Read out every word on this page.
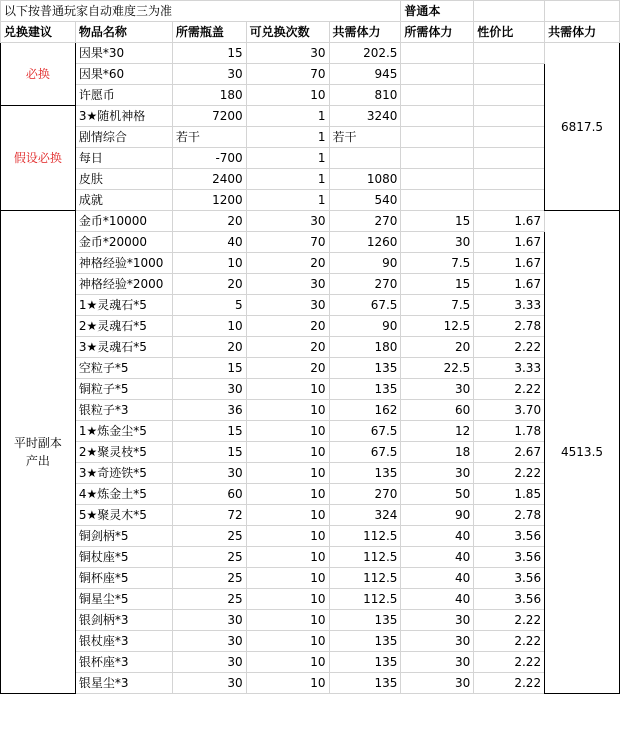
以下按普通玩家自动难度三为准					普通本		
兑换建议	物品名称	所需瓶盖	可兑换次数	共需体力	所需体力	性价比	共需体力
必换	因果*30	15	30	202.5			6817.5
	因果*60	30	70	945			
	许愿币	180	10	810			
假设必换	3★随机神格	7200	1	3240			
	剧情综合	若干	1	若干			
	每日	-700	1				
	皮肤	2400	1	1080			
	成就	1200	1	540			
平时副本
产出	金币*10000	20	30	270	15	1.67	4513.5
	金币*20000	40	70	1260	30	1.67	
	神格经验*1000	10	20	90	7.5	1.67	
	神格经验*2000	20	30	270	15	1.67	
	1★灵魂石*5	5	30	67.5	7.5	3.33	
	2★灵魂石*5	10	20	90	12.5	2.78	
	3★灵魂石*5	20	20	180	20	2.22	
	空粒子*5	15	20	135	22.5	3.33	
	铜粒子*5	30	10	135	30	2.22	
	银粒子*3	36	10	162	60	3.70	
	1★炼金尘*5	15	10	67.5	12	1.78	
	2★聚灵枝*5	15	10	67.5	18	2.67	
	3★奇迹铁*5	30	10	135	30	2.22	
	4★炼金土*5	60	10	270	50	1.85	
	5★聚灵木*5	72	10	324	90	2.78	
	铜剑柄*5	25	10	112.5	40	3.56	
	铜杖座*5	25	10	112.5	40	3.56	
	铜杯座*5	25	10	112.5	40	3.56	
	铜星尘*5	25	10	112.5	40	3.56	
	银剑柄*3	30	10	135	30	2.22	
	银杖座*3	30	10	135	30	2.22	
	银杯座*3	30	10	135	30	2.22	
	银星尘*3	30	10	135	30	2.22	
